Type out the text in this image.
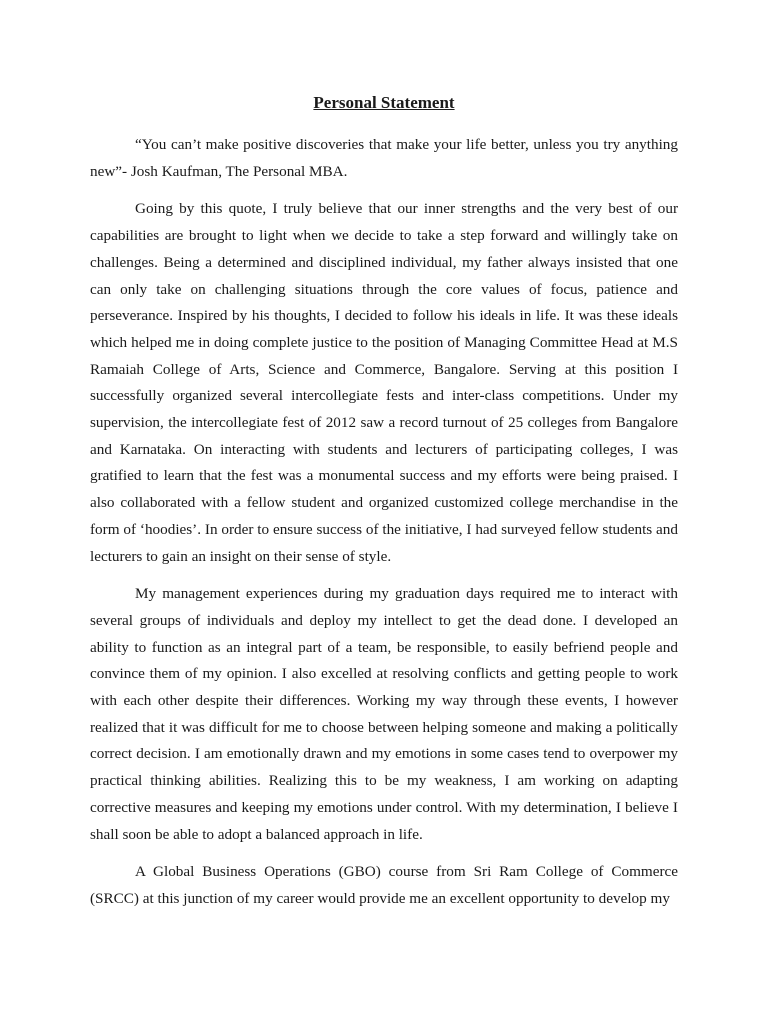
Personal Statement

“You can’t make positive discoveries that make your life better, unless you try anything new”- Josh Kaufman, The Personal MBA.

Going by this quote, I truly believe that our inner strengths and the very best of our capabilities are brought to light when we decide to take a step forward and willingly take on challenges. Being a determined and disciplined individual, my father always insisted that one can only take on challenging situations through the core values of focus, patience and perseverance. Inspired by his thoughts, I decided to follow his ideals in life. It was these ideals which helped me in doing complete justice to the position of Managing Committee Head at M.S Ramaiah College of Arts, Science and Commerce, Bangalore. Serving at this position I successfully organized several intercollegiate fests and inter-class competitions. Under my supervision, the intercollegiate fest of 2012 saw a record turnout of 25 colleges from Bangalore and Karnataka. On interacting with students and lecturers of participating colleges, I was gratified to learn that the fest was a monumental success and my efforts were being praised. I also collaborated with a fellow student and organized customized college merchandise in the form of ‘hoodies’. In order to ensure success of the initiative, I had surveyed fellow students and lecturers to gain an insight on their sense of style.

My management experiences during my graduation days required me to interact with several groups of individuals and deploy my intellect to get the dead done. I developed an ability to function as an integral part of a team, be responsible, to easily befriend people and convince them of my opinion. I also excelled at resolving conflicts and getting people to work with each other despite their differences. Working my way through these events, I however realized that it was difficult for me to choose between helping someone and making a politically correct decision. I am emotionally drawn and my emotions in some cases tend to overpower my practical thinking abilities. Realizing this to be my weakness, I am working on adapting corrective measures and keeping my emotions under control. With my determination, I believe I shall soon be able to adopt a balanced approach in life.

A Global Business Operations (GBO) course from Sri Ram College of Commerce (SRCC) at this junction of my career would provide me an excellent opportunity to develop my
